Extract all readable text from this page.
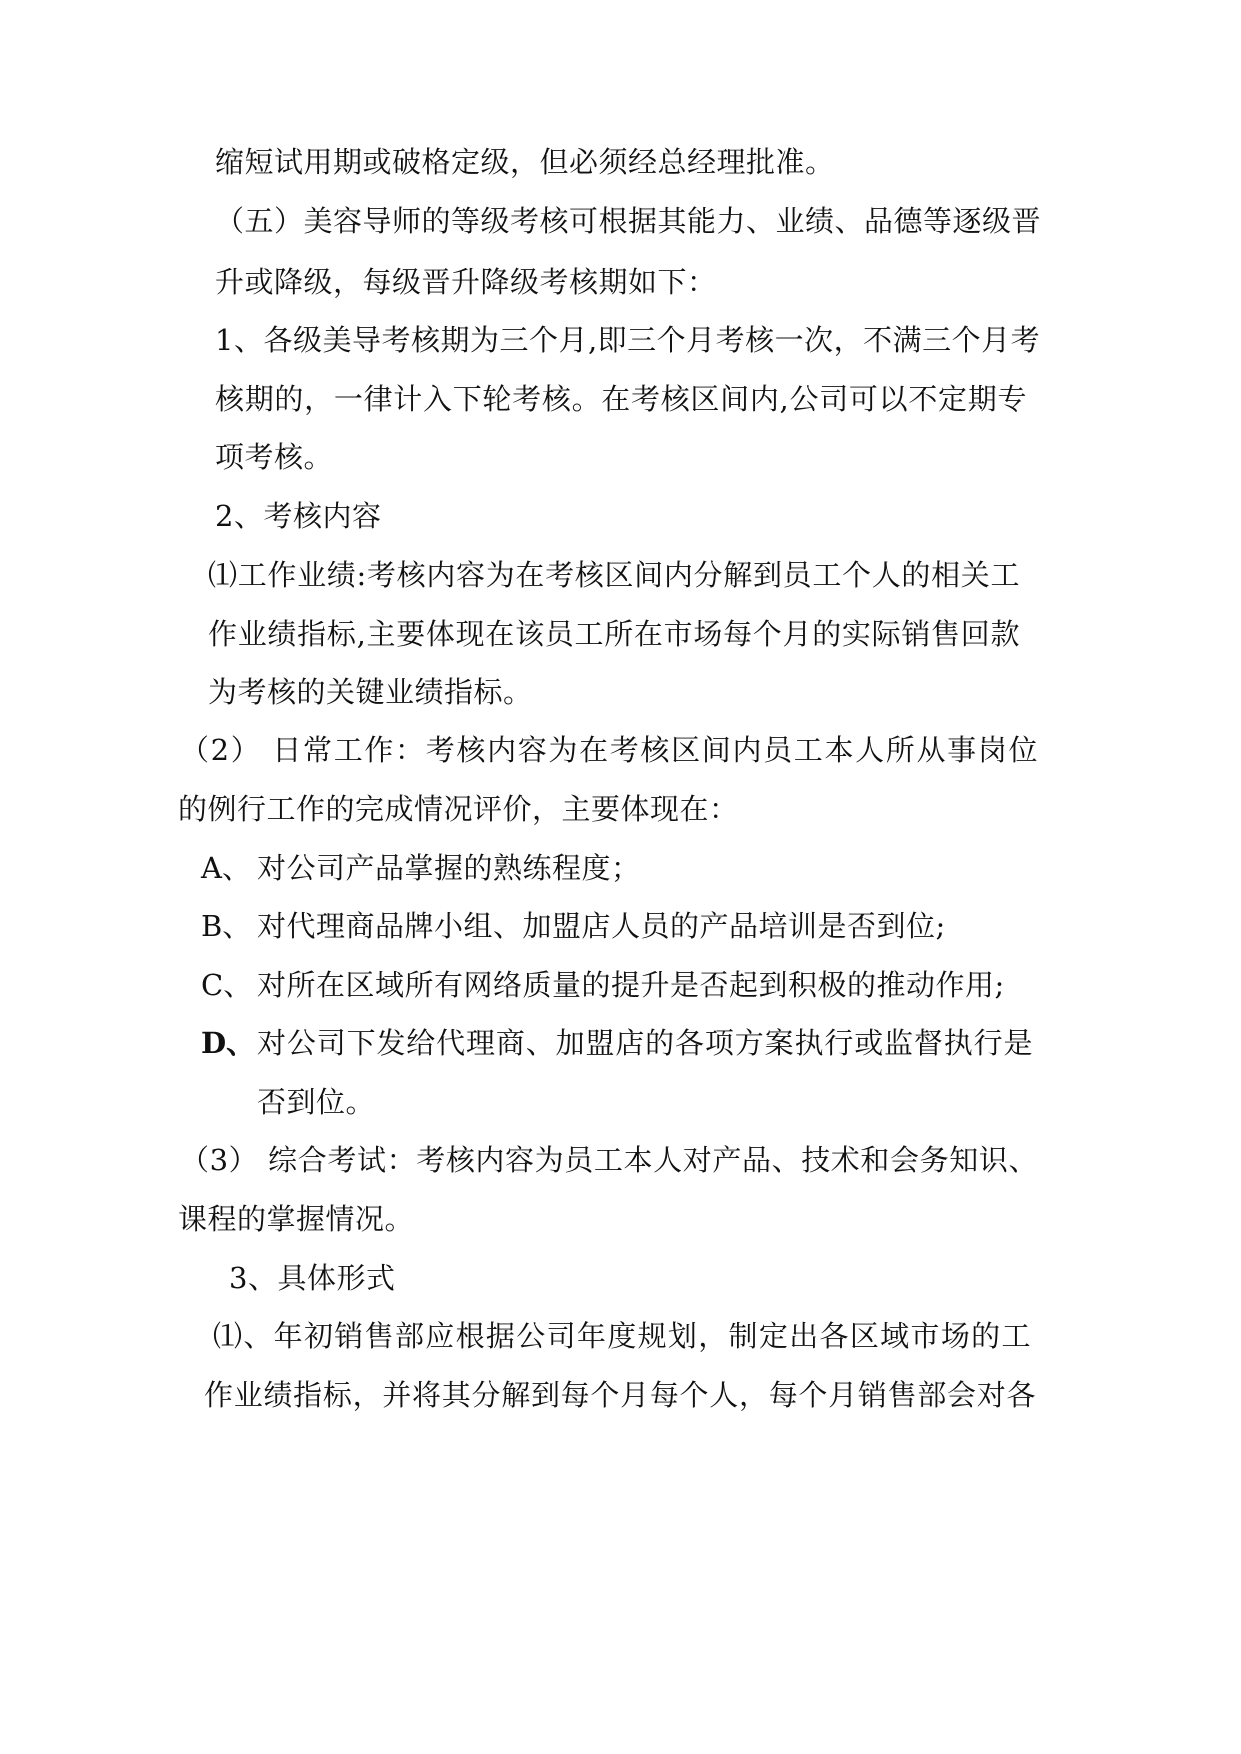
缩短试用期或破格定级，但必须经总经理批准。
（五）美容导师的等级考核可根据其能力、业绩、品德等逐级晋
升或降级，每级晋升降级考核期如下：
1、各级美导考核期为三个月,即三个月考核一次，不满三个月考
核期的，一律计入下轮考核。在考核区间内,公司可以不定期专
项考核。
2、考核内容
⑴工作业绩:考核内容为在考核区间内分解到员工个人的相关工
作业绩指标,主要体现在该员工所在市场每个月的实际销售回款
为考核的关键业绩指标。
（2） 日常工作：考核内容为在考核区间内员工本人所从事岗位
的例行工作的完成情况评价，主要体现在：
A、 对公司产品掌握的熟练程度；
B、 对代理商品牌小组、加盟店人员的产品培训是否到位;
C、 对所在区域所有网络质量的提升是否起到积极的推动作用;
D、 对公司下发给代理商、加盟店的各项方案执行或监督执行是
否到位。
（3） 综合考试：考核内容为员工本人对产品、技术和会务知识、
课程的掌握情况。
3、具体形式
⑴、年初销售部应根据公司年度规划，制定出各区域市场的工
作业绩指标，并将其分解到每个月每个人，每个月销售部会对各
